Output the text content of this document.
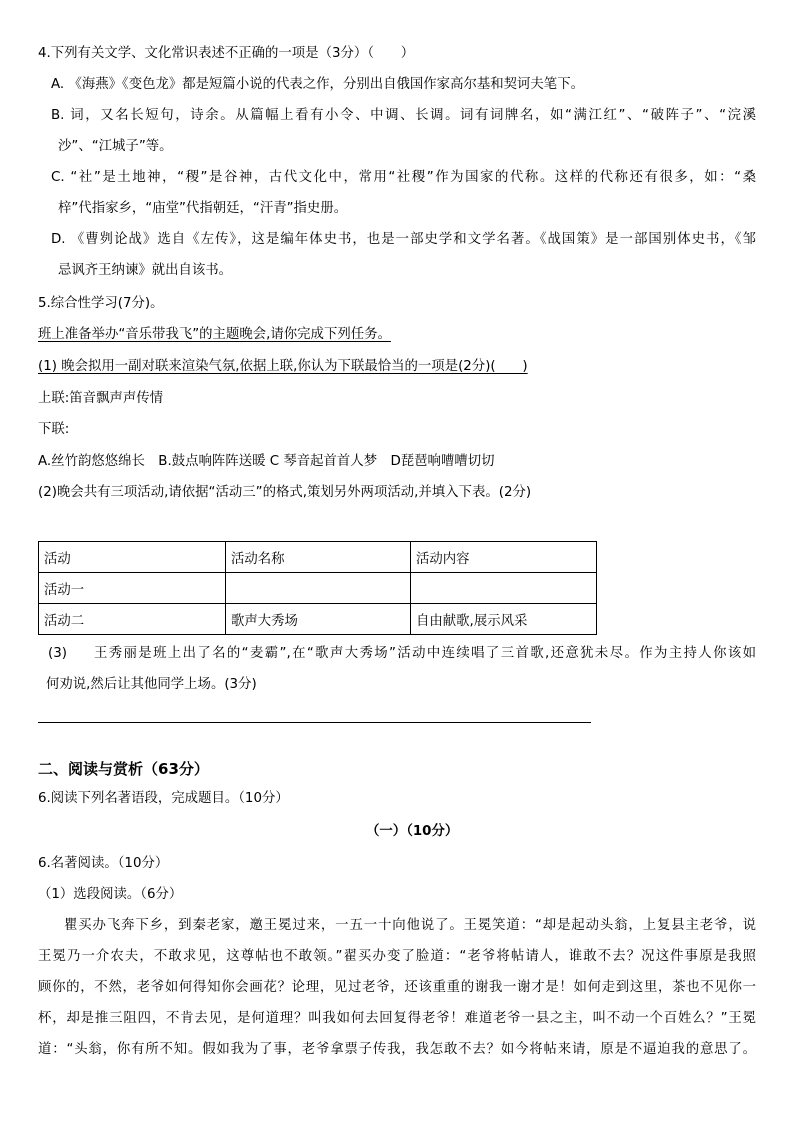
4.下列有关文学、文化常识表述不正确的一项是（3分）（　　）

A. 《海燕》《变色龙》都是短篇小说的代表之作，分别出自俄国作家高尔基和契诃夫笔下。

B. 词，又名长短句，诗余。从篇幅上看有小令、中调、长调。词有词牌名，如“满江红”、“破阵子”、“浣溪

沙”、“江城子”等。

C. “社”是土地神，“稷”是谷神，古代文化中，常用“社稷”作为国家的代称。这样的代称还有很多，如：“桑

梓”代指家乡，“庙堂”代指朝廷，“汗青”指史册。

D. 《曹刿论战》选自《左传》，这是编年体史书，也是一部史学和文学名著。《战国策》是一部国别体史书，《邹

忌讽齐王纳谏》就出自该书。

5.综合性学习(7分)。

班上准备举办“音乐带我飞”的主题晚会,请你完成下列任务。

(1) 晚会拟用一副对联来渲染气氛,依据上联,你认为下联最恰当的一项是(2分)(　　)

上联:笛音飘声声传情

下联:

A.丝竹韵悠悠绵长　B.鼓点响阵阵送暖 C 琴音起首首人梦　D琵琶响嘈嘈切切

(2)晚会共有三项活动,请依据“活动三”的格式,策划另外两项活动,并填入下表。(2分)

活动	活动名称	活动内容
活动一		
活动二	歌声大秀场	自由献歌,展示风采

(3) 王秀丽是班上出了名的“麦霸”,在“歌声大秀场”活动中连续唱了三首歌,还意犹未尽。作为主持人你该如

何劝说,然后让其他同学上场。(3分)

二、阅读与赏析（63分）

6.阅读下列名著语段，完成题目。（10分）

（一）（10分）

6.名著阅读。（10分）

（1）选段阅读。（6分）

瞿买办飞奔下乡，到秦老家，邀王冕过来，一五一十向他说了。王冕笑道：“却是起动头翁，上复县主老爷，说

王冕乃一介农夫，不敢求见，这尊帖也不敢领。”翟买办变了脸道：“老爷将帖请人，谁敢不去？况这件事原是我照

顾你的，不然，老爷如何得知你会画花？论理，见过老爷，还该重重的谢我一谢才是！如何走到这里，茶也不见你一

杯，却是推三阻四，不肯去见，是何道理？叫我如何去回复得老爷！难道老爷一县之主，叫不动一个百姓么？”王冕

道：“头翁，你有所不知。假如我为了事，老爷拿票子传我，我怎敢不去？如今将帖来请，原是不逼迫我的意思了。
